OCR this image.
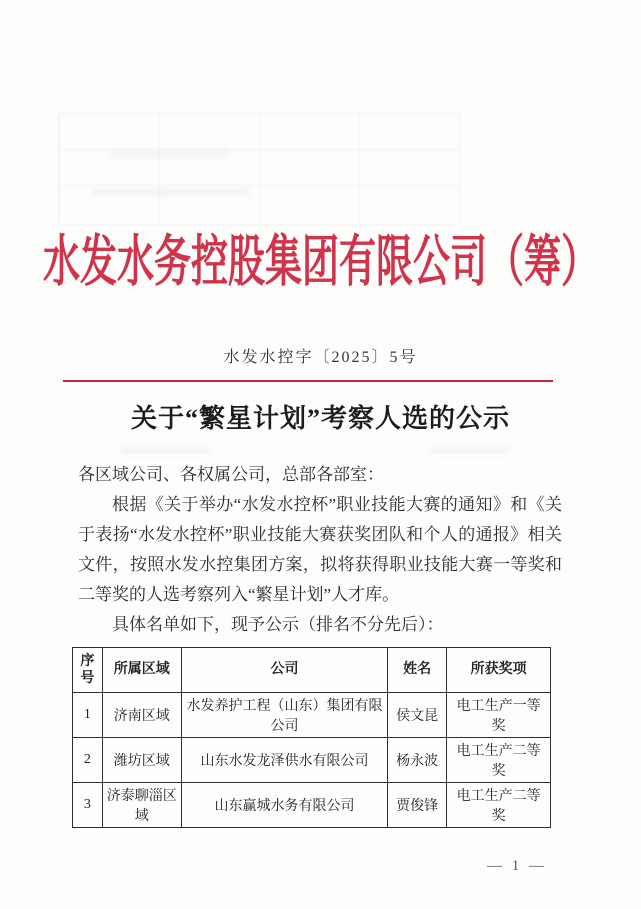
水发水务控股集团有限公司（筹）
水发水控字〔2025〕5号
关于“繁星计划”考察人选的公示

各区域公司、各权属公司，总部各部室：

根据《关于举办“水发水控杯”职业技能大赛的通知》和《关于表扬“水发水控杯”职业技能大赛获奖团队和个人的通报》相关文件，按照水发水控集团方案，拟将获得职业技能大赛一等奖和二等奖的人选考察列入“繁星计划”人才库。

具体名单如下，现予公示（排名不分先后）：

序号	所属区域	公司	姓名	所获奖项
1	济南区域	水发养护工程（山东）集团有限公司	侯文昆	电工生产一等奖
2	潍坊区域	山东水发龙泽供水有限公司	杨永波	电工生产二等奖
3	济泰聊淄区域	山东赢城水务有限公司	贾俊锋	电工生产二等奖
— 1 —
